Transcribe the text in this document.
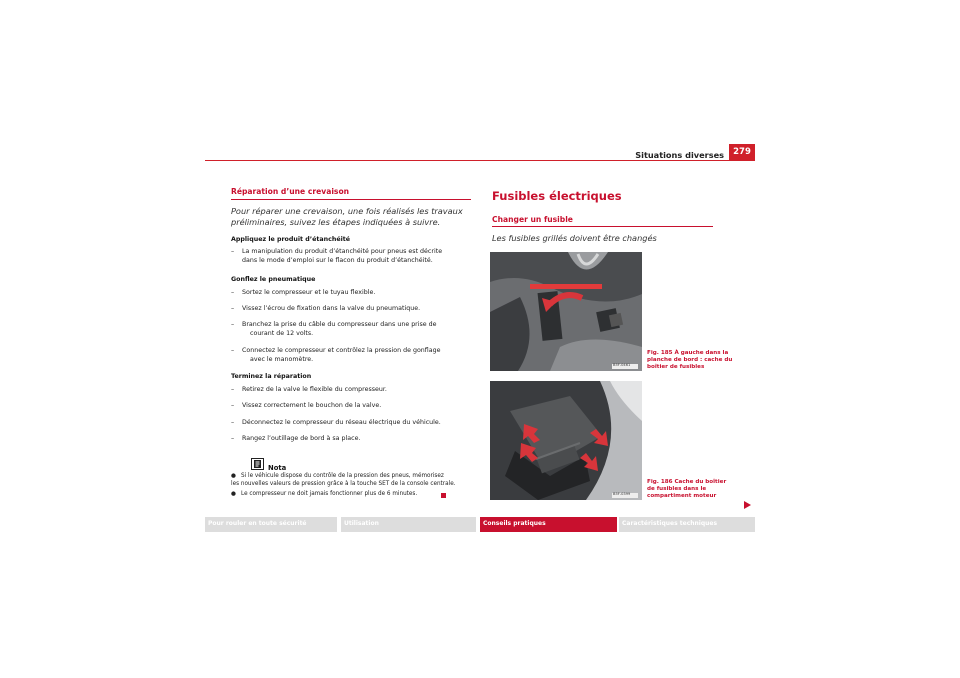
Situations diverses	279
Réparation d’une crevaison
Pour réparer une crevaison, une fois réalisés les travaux
préliminaires, suivez les étapes indiquées à suivre.
Appliquez le produit d’étanchéité
– La manipulation du produit d’étanchéité pour pneus est décrite
dans le mode d’emploi sur le flacon du produit d’étanchéité.
Gonflez le pneumatique
– Sortez le compresseur et le tuyau flexible.
– Vissez l’écrou de fixation dans la valve du pneumatique.
– Branchez la prise du câble du compresseur dans une prise de
courant de 12 volts.
– Connectez le compresseur et contrôlez la pression de gonflage
avec le manomètre.
Terminez la réparation
– Retirez de la valve le flexible du compresseur.
– Vissez correctement le bouchon de la valve.
– Déconnectez le compresseur du réseau électrique du véhicule.
– Rangez l’outillage de bord à sa place.
Nota
● Si le véhicule dispose du contrôle de la pression des pneus, mémorisez
les nouvelles valeurs de pression grâce à la touche SET de la console centrale.
● Le compresseur ne doit jamais fonctionner plus de 6 minutes.
Fusibles électriques
Changer un fusible
Les fusibles grillés doivent être changés
B5F-0461
Fig. 185 À gauche dans la
planche de bord : cache du
boîtier de fusibles
B5F-0399
Fig. 186 Cache du boîtier
de fusibles dans le
compartiment moteur
Pour rouler en toute sécurité	Utilisation	Conseils pratiques	Caractéristiques techniques
